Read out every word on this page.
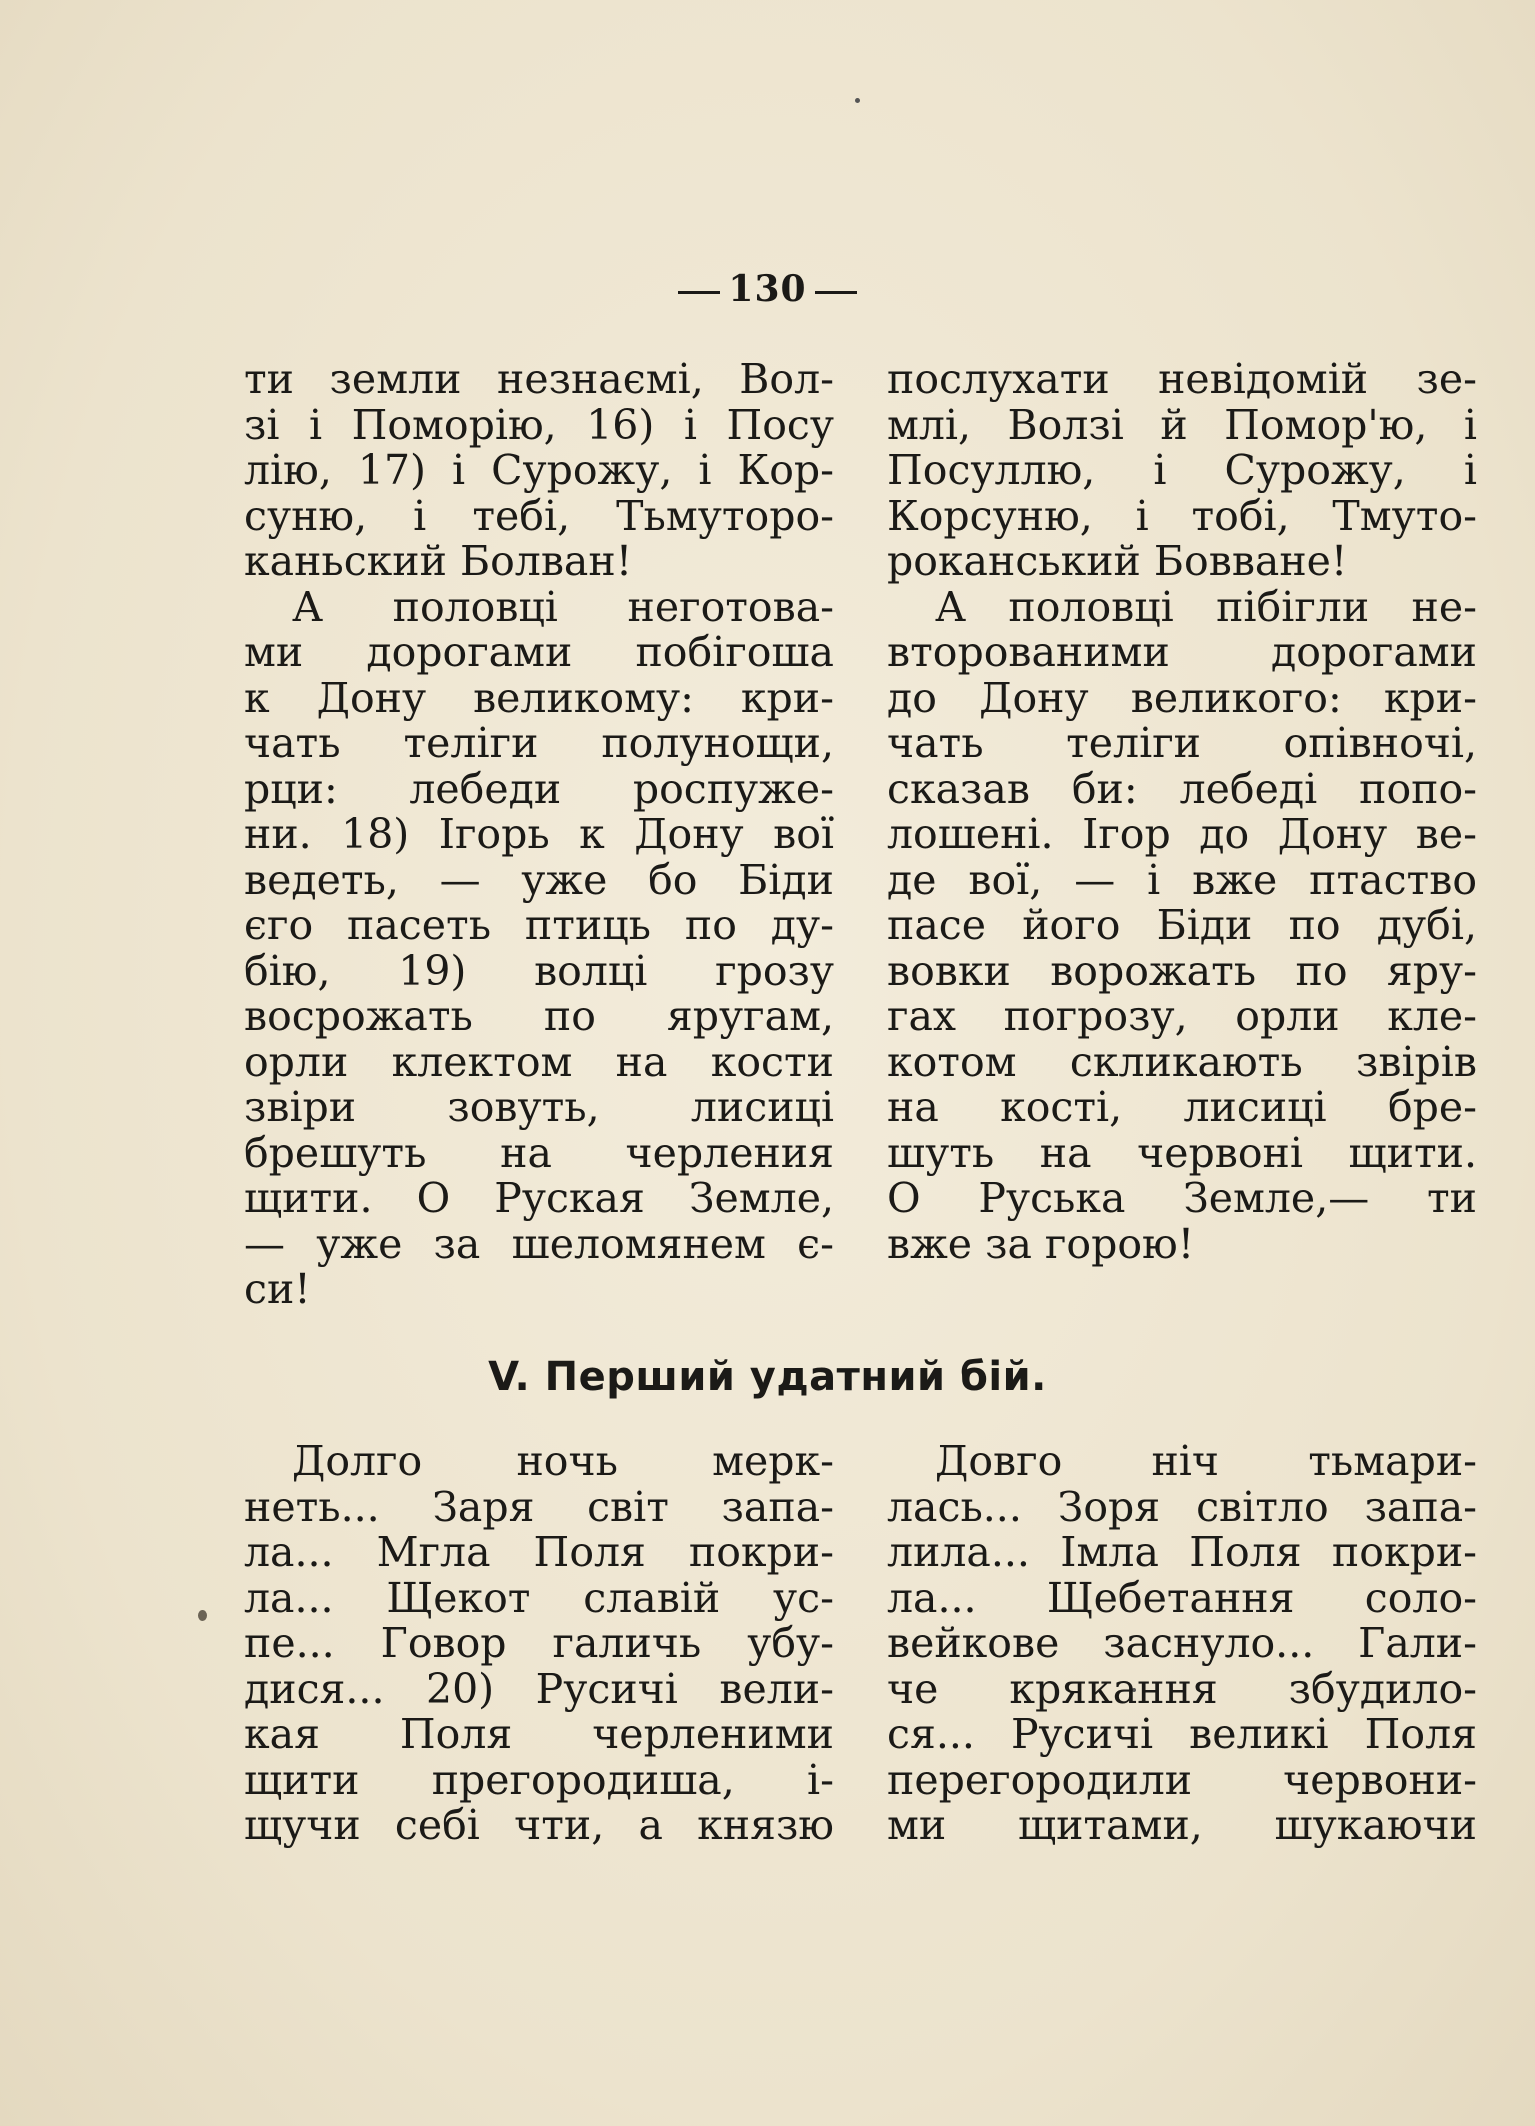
130
ти земли незнаємі, Вол-
зі і Поморію, 16) і Посу
лію, 17) і Сурожу, і Кор-
суню, і тебі, Тьмуторо-
каньский Болван!
А половці неготова-
ми дорогами побігоша
к Дону великому: кри-
чать теліги полунощи,
рци: лебеди роспуже-
ни. 18) Ігорь к Дону вої
ведеть, — уже бо Біди
єго пасеть птиць по ду-
бію, 19) волці грозу
восрожать по яругам,
орли клектом на кости
звіри зовуть, лисиці
брешуть на черления
щити. О Руская Земле,
— уже за шеломянем є-
си!
послухати невідомій зе-
млі, Волзі й Помор'ю, і
Посуллю, і Сурожу, і
Корсуню, і тобі, Тмуто-
роканський Бовване!
А половці пібігли не-
второваними дорогами
до Дону великого: кри-
чать теліги опівночі,
сказав би: лебеді попо-
лошені. Ігор до Дону ве-
де вої, — і вже птаство
пасе його Біди по дубі,
вовки ворожать по яру-
гах погрозу, орли кле-
котом скликають звірів
на кості, лисиці бре-
шуть на червоні щити.
О Руська Земле,— ти
вже за горою!
V. Перший удатний бій.
Долго ночь мерк-
неть... Заря світ запа-
ла... Мгла Поля покри-
ла... Щекот славій ус-
пе... Говор галичь убу-
дися... 20) Русичі вели-
кая Поля черленими
щити прегородиша, і-
щучи себі чти, а князю
Довго ніч тьмари-
лась... Зоря світло запа-
лила... Імла Поля покри-
ла... Щебетання соло-
вейкове заснуло... Гали-
че крякання збудило-
ся... Русичі великі Поля
перегородили червони-
ми щитами, шукаючи
